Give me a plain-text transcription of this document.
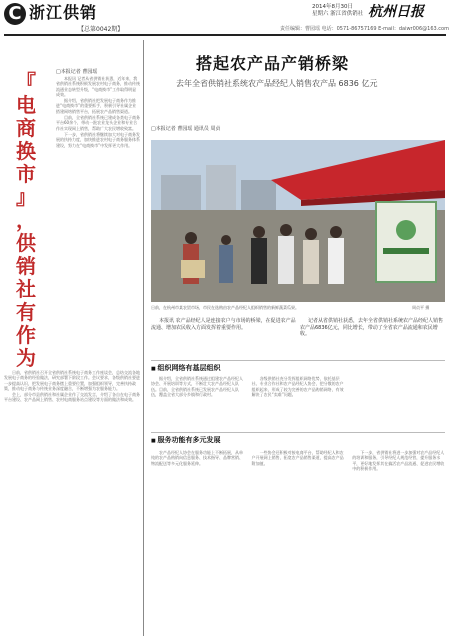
C 浙江供销
【总第0042期】
2014年8月30日
星期六 浙江省供销社 杭州日报
责任编辑：曹园瑶 电话：0571-86757169 E-mail：daiwr006@163.com
『
电
商
换
市
』
，
供
销
社
有
作
为
□本报记者 曹园瑶

本报讯 记者从省供销社获悉，近年来，我省供销社系统积极发展农村电子商务，推动传统流通业态转型升级，“电商换市”工作取得明显成效。

据介绍，省供销社把发展电子商务作为推进“电商换市”的重要抓手，积极引导社属企业搭建网络销售平台，拓展农产品销售渠道。

目前，全省供销社系统已建成各类电子商务平台60余个，带动一批农业龙头企业和专业合作社实现网上销售，帮助广大农民增收致富。

下一步，省供销社将继续加大对电子商务发展的扶持力度，加快推进农村电子商务服务体系建设，努力在“电商换市”中发挥更大作用。

日前，省供销社召开全省供销社系统电子商务工作座谈会，总结交流各地发展电子商务的经验做法，研究部署下阶段工作。会议要求，各级供销社要进一步提高认识，把发展电子商务摆上重要位置，加强组织领导，完善扶持政策，推动电子商务与传统业务深度融合，不断增强为农服务能力。

会上，部分市县供销社和社属企业作了交流发言，介绍了各自在电子商务平台建设、农产品网上销售、农村电商服务站点建设等方面的做法和成效。

搭起农产品产销桥梁
去年全省供销社系统农产品经纪人销售农产品 6836 亿元
□本报记者 曹园瑶 通讯员 周贞
日前，在杭州市某农贸市场，市民在选购由农产品经纪人组织销售的新鲜蔬菜瓜果。	周贞平 摄

本报讯 农产品经纪人是连接农户与市场的桥梁，在促进农产品流通、增加农民收入方面发挥着重要作用。

记者从省供销社获悉，去年全省供销社系统农产品经纪人销售农产品6836亿元，同比增长，带动了全省农产品流通和农民增收。

■ 组织网络有基层组织

据介绍，全省供销社系统通过组建农产品经纪人协会、开展培训等方式，不断壮大农产品经纪人队伍。目前，全省供销社系统已发展农产品经纪人队伍，覆盖全省大部分乡镇和行政村。

各级供销社充分发挥组织网络优势，依托基层社、专业合作社和农产品经纪人协会，把分散的农户组织起来，形成了较为完善的农产品购销网络，有效解决了农民“卖难”问题。

■ 服务功能有多元发展

农产品经纪人协会在服务功能上不断拓展，从单纯的农产品购销向信息服务、技术指导、品牌营销、物流配送等多元化服务延伸。

一些协会还积极对接电商平台，帮助经纪人和农户开展网上销售，拓宽农产品销售渠道，提高农产品附加值。

下一步，省供销社将进一步加强对农产品经纪人的培训和服务，引导经纪人规范经营，提升服务水平，更好地发挥其在搞活农产品流通、促进农民增收中的积极作用。
